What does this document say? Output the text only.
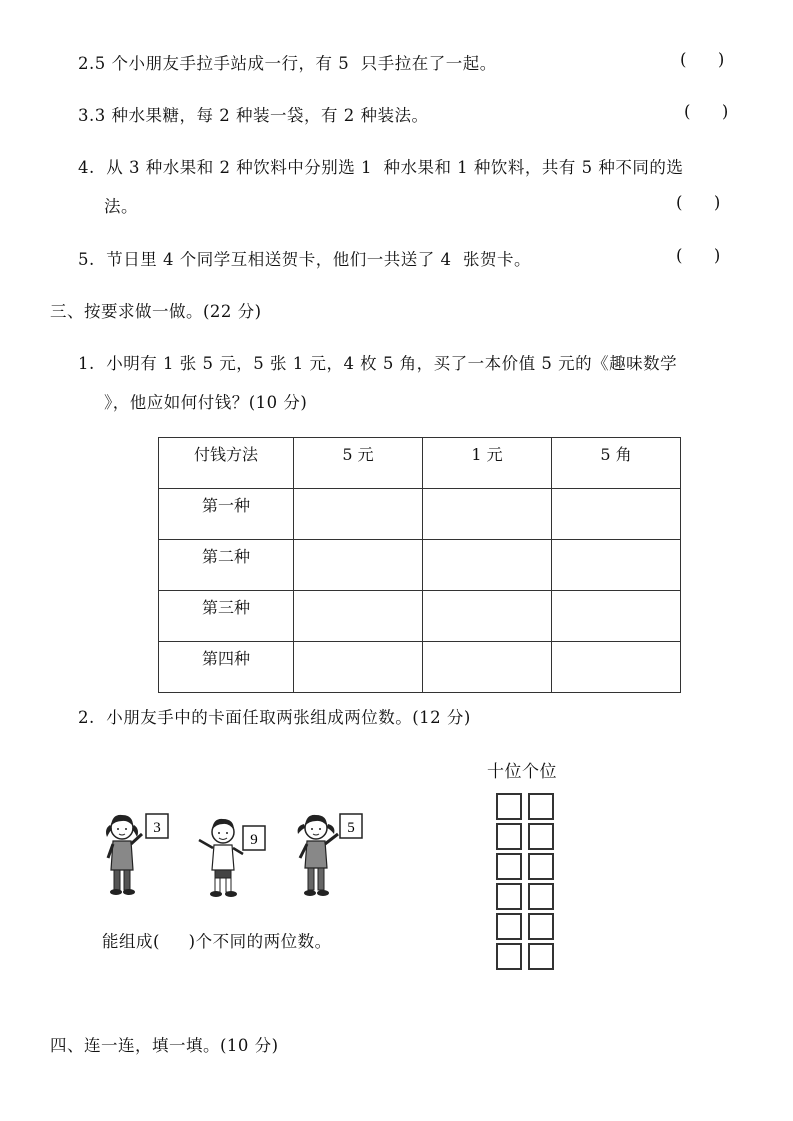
2.5 个小朋友手拉手站成一行，有 5  只手拉在了一起。	(      )
3.3 种水果糖，每 2 种装一袋，有 2 种装法。	(      )
4.  从 3 种水果和 2 种饮料中分别选 1  种水果和 1 种饮料，共有 5 种不同的选
法。	(      )
5.  节日里 4 个同学互相送贺卡，他们一共送了 4  张贺卡。	(      )
三、按要求做一做。(22 分)
1.  小明有 1 张 5 元，5 张 1 元，4 枚 5 角，买了一本价值 5 元的《趣味数学
》，他应如何付钱？(10 分)
付钱方法	5 元	1 元	5 角
第一种			
第二种			
第三种			
第四种			
2.  小朋友手中的卡面任取两张组成两位数。(12 分)
十位个位
3
9
5
能组成(     )个不同的两位数。
四、连一连，填一填。(10 分)
